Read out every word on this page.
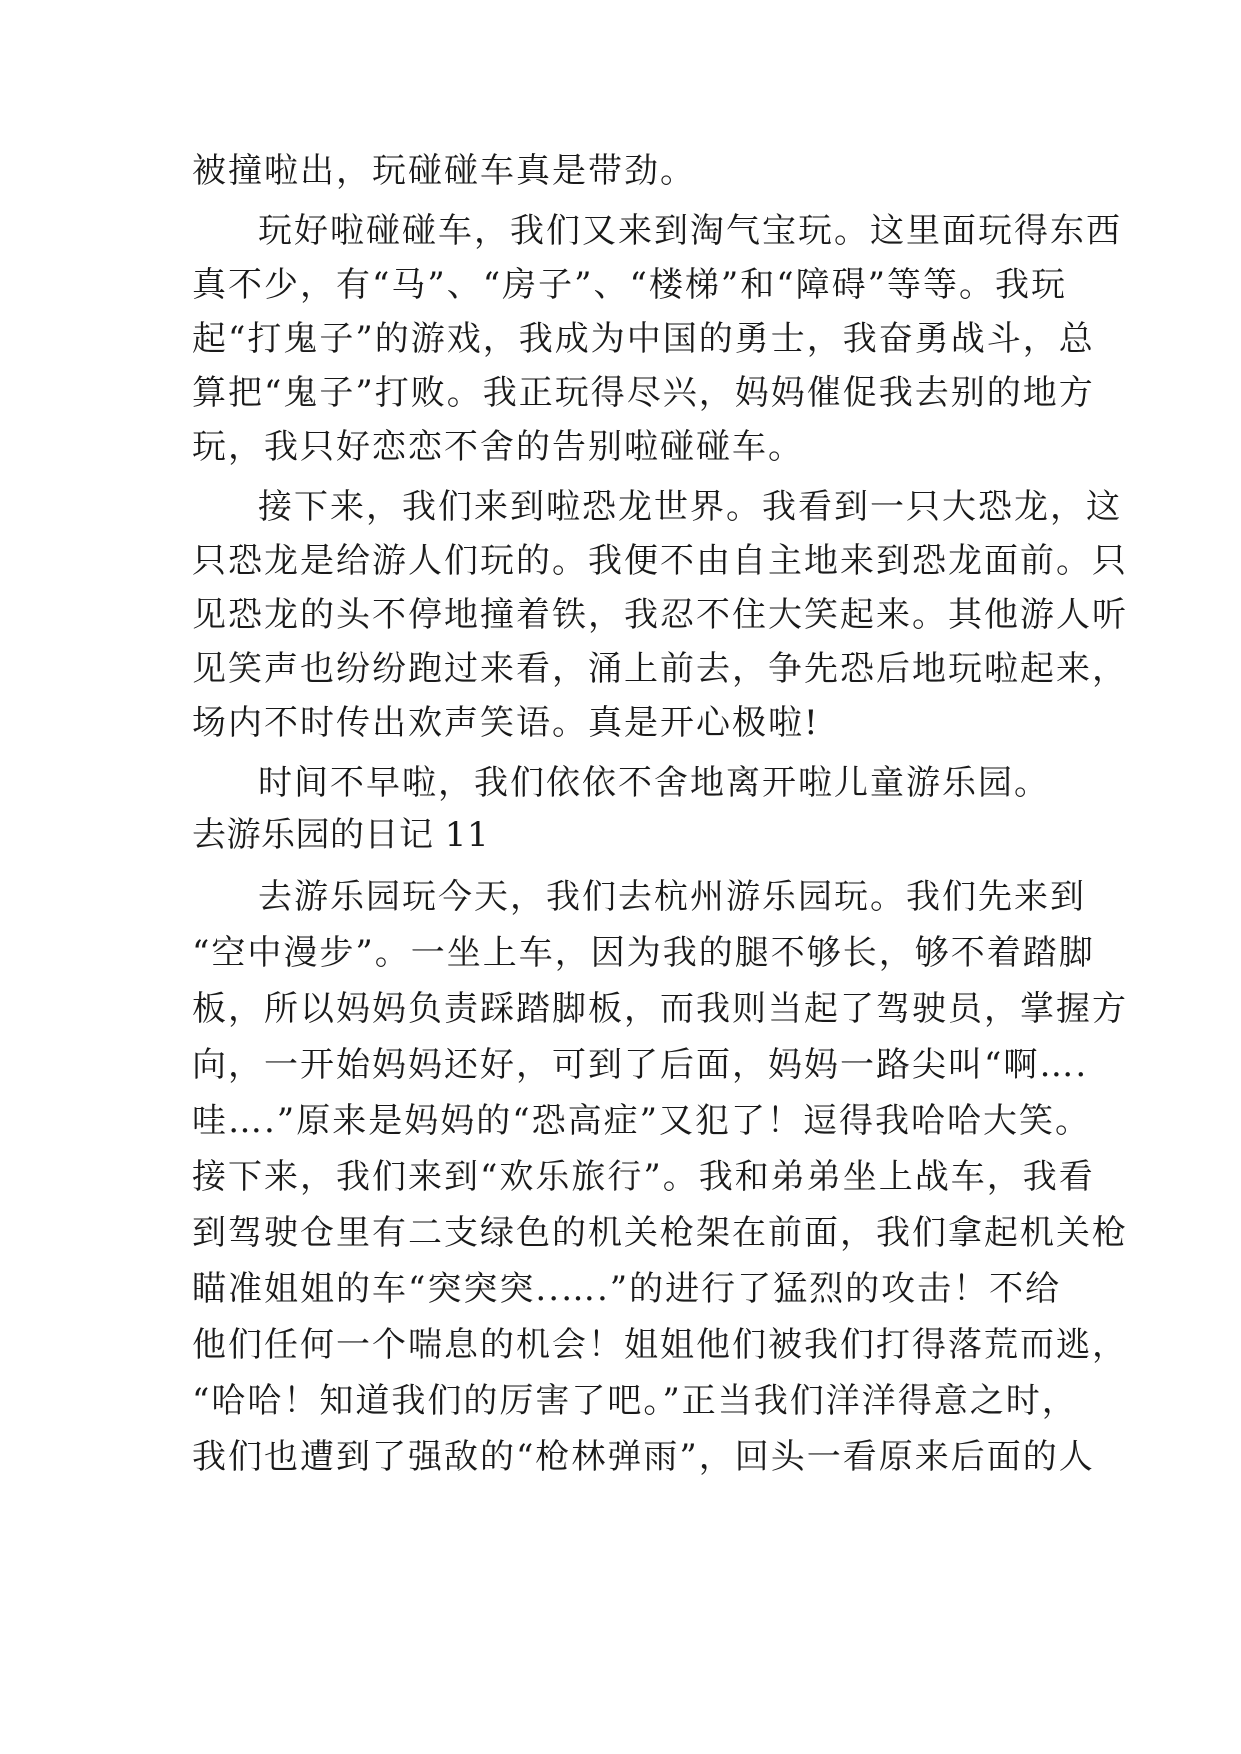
被撞啦出，玩碰碰车真是带劲。
玩好啦碰碰车，我们又来到淘气宝玩。这里面玩得东西
真不少，有“马”、“房子”、“楼梯”和“障碍”等等。我玩
起“打鬼子”的游戏，我成为中国的勇士，我奋勇战斗，总
算把“鬼子”打败。我正玩得尽兴，妈妈催促我去别的地方
玩，我只好恋恋不舍的告别啦碰碰车。
接下来，我们来到啦恐龙世界。我看到一只大恐龙，这
只恐龙是给游人们玩的。我便不由自主地来到恐龙面前。只
见恐龙的头不停地撞着铁，我忍不住大笑起来。其他游人听
见笑声也纷纷跑过来看，涌上前去，争先恐后地玩啦起来，
场内不时传出欢声笑语。真是开心极啦!
时间不早啦，我们依依不舍地离开啦儿童游乐园。
去游乐园的日记 11
去游乐园玩今天，我们去杭州游乐园玩。我们先来到
“空中漫步”。一坐上车，因为我的腿不够长，够不着踏脚
板，所以妈妈负责踩踏脚板，而我则当起了驾驶员，掌握方
向，一开始妈妈还好，可到了后面，妈妈一路尖叫“啊….
哇….”原来是妈妈的“恐高症”又犯了！逗得我哈哈大笑。
接下来，我们来到“欢乐旅行”。我和弟弟坐上战车，我看
到驾驶仓里有二支绿色的机关枪架在前面，我们拿起机关枪
瞄准姐姐的车“突突突..….”的进行了猛烈的攻击！不给
他们任何一个喘息的机会！姐姐他们被我们打得落荒而逃，
“哈哈！知道我们的厉害了吧。”正当我们洋洋得意之时，
我们也遭到了强敌的“枪林弹雨”，回头一看原来后面的人
